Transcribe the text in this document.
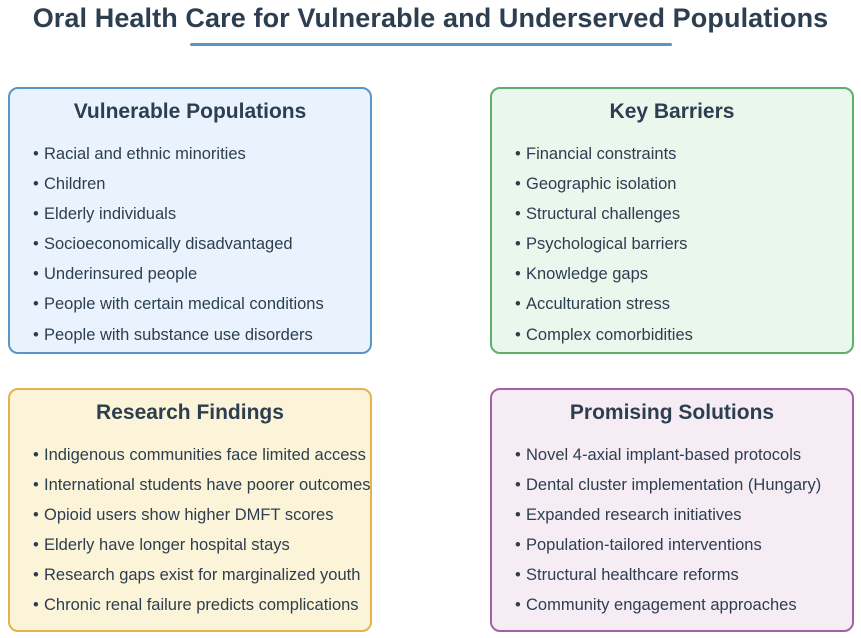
Oral Health Care for Vulnerable and Underserved Populations
Vulnerable Populations
• Racial and ethnic minorities
• Children
• Elderly individuals
• Socioeconomically disadvantaged
• Underinsured people
• People with certain medical conditions
• People with substance use disorders
Key Barriers
• Financial constraints
• Geographic isolation
• Structural challenges
• Psychological barriers
• Knowledge gaps
• Acculturation stress
• Complex comorbidities
Research Findings
• Indigenous communities face limited access
• International students have poorer outcomes
• Opioid users show higher DMFT scores
• Elderly have longer hospital stays
• Research gaps exist for marginalized youth
• Chronic renal failure predicts complications
Promising Solutions
• Novel 4-axial implant-based protocols
• Dental cluster implementation (Hungary)
• Expanded research initiatives
• Population-tailored interventions
• Structural healthcare reforms
• Community engagement approaches
